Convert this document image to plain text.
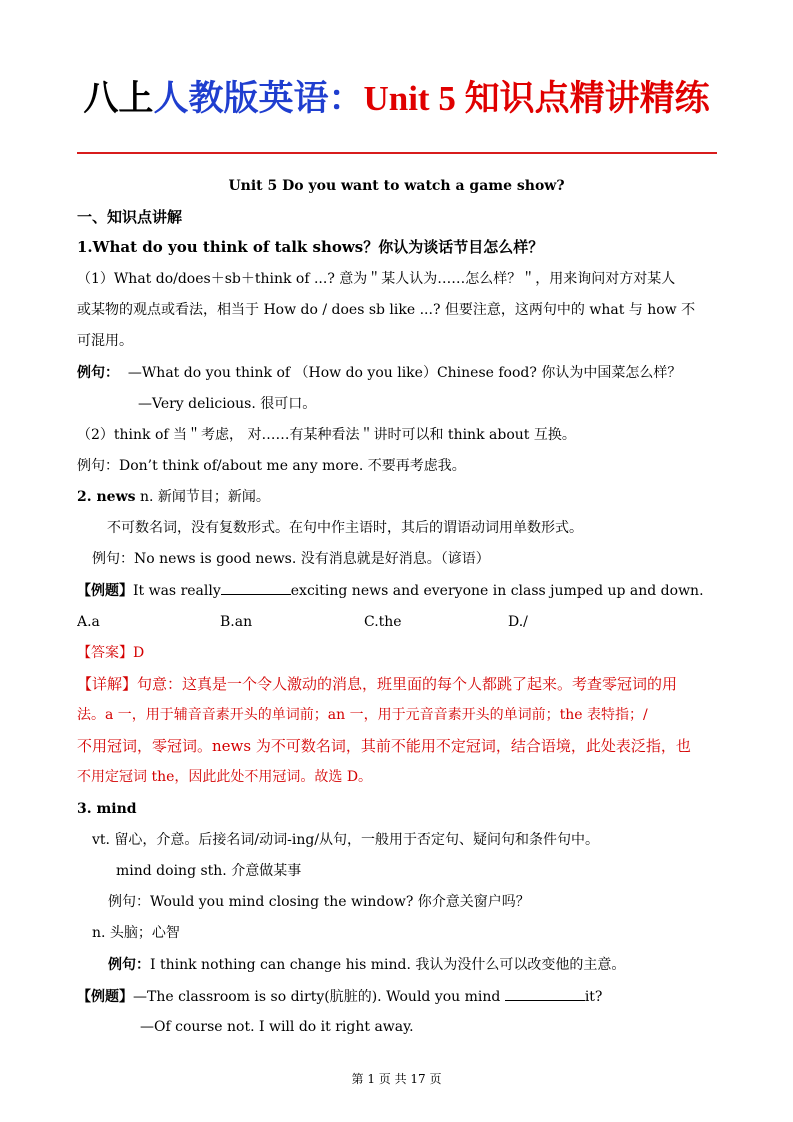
八上人教版英语：Unit 5 知识点精讲精练
Unit 5 Do you want to watch a game show?
一、知识点讲解
1.What do you think of talk shows？你认为谈话节目怎么样？
（1）What do/does＋sb＋think of ...? 意为＂某人认为……怎么样？＂，用来询问对方对某人
或某物的观点或看法，相当于 How do / does sb like ...? 但要注意，这两句中的 what 与 how 不
可混用。
例句： —What do you think of （How do you like）Chinese food? 你认为中国菜怎么样？
—Very delicious. 很可口。
（2）think of 当＂考虑， 对……有某种看法＂讲时可以和 think about 互换。
例句：Don’t think of/about me any more. 不要再考虑我。
2. news n. 新闻节目；新闻。
不可数名词，没有复数形式。在句中作主语时，其后的谓语动词用单数形式。
例句：No news is good news. 没有消息就是好消息。（谚语）
【例题】It was really	exciting news and everyone in class jumped up and down.
A.a	B.an	C.the	D./
【答案】D
【详解】句意：这真是一个令人激动的消息，班里面的每个人都跳了起来。考查零冠词的用
法。a 一，用于辅音音素开头的单词前；an 一，用于元音音素开头的单词前；the 表特指；/
不用冠词，零冠词。news 为不可数名词，其前不能用不定冠词，结合语境，此处表泛指，也
不用定冠词 the，因此此处不用冠词。故选 D。
3. mind
vt. 留心，介意。后接名词/动词-ing/从句，一般用于否定句、疑问句和条件句中。
mind doing sth. 介意做某事
例句：Would you mind closing the window? 你介意关窗户吗？
n. 头脑；心智
例句：I think nothing can change his mind. 我认为没什么可以改变他的主意。
【例题】—The classroom is so dirty(肮脏的). Would you mind	it?
—Of course not. I will do it right away.
第 1 页 共 17 页
